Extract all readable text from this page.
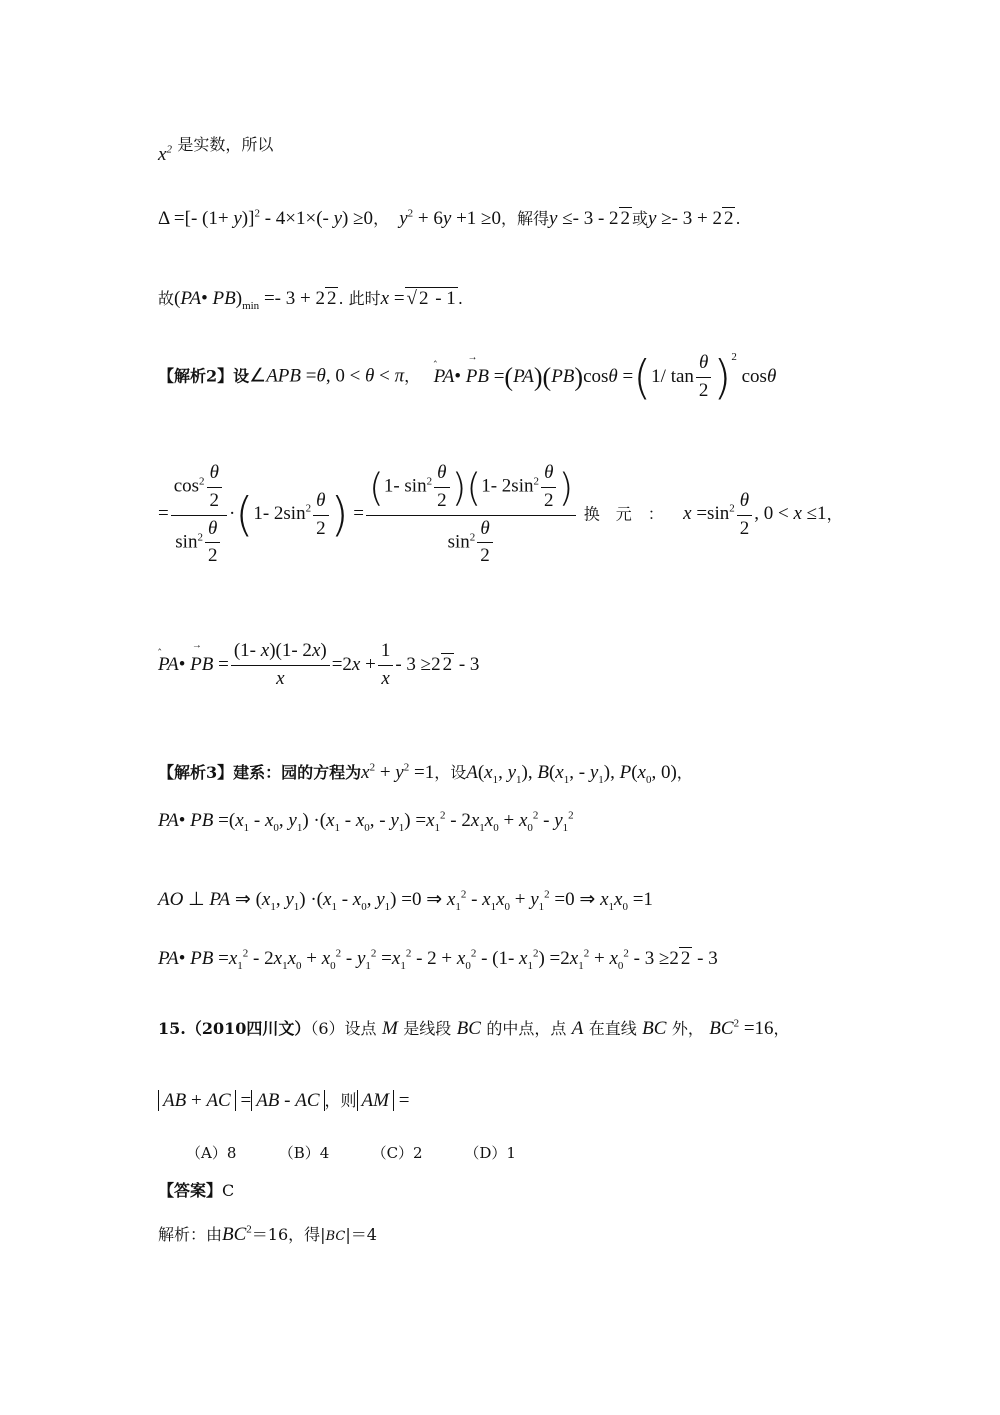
$x^2$ 是实数，所以
Δ =[- (1+ y)]$^2$ - 4×1×(- y) ≥0， $y^2 + 6y +1 \ge 0$，解得y ≤- 3 - 2 2 或y ≥- 3 + 2 2 .
故(PA• $PB)_{min} =- 3 + 2$ 2 . 此时x = √ 2 - 1 .
【解析2】设∠APB =θ, 0 < θ < π，
‸ →
PA• PB =(PA)(PB)cosθ =(1/ $\tan \frac{\theta}{2} )^2$ cosθ
= $\frac{\cos^2 \frac{\theta}{2}}{\sin^2 \frac{\theta}{2}} \cdot(1-$ $2\sin^2 \frac{\theta}{2}$ ) = $\frac{(1- \sin^2 \frac{\theta}{2} )(1- 2\sin^2 \frac{\theta}{2} )}{\sin^2 \frac{\theta}{2}}$ 换　元　： $x =\sin^2 \frac{\theta}{2}$ , 0 < x ≤1，
‸ →
PA• PB = $\frac{(1- x)(1- 2x)}{x} =2x + \frac{1}{x} - 3 \ge 2$ 2 - 3
【解析3】建系：园的方程为$x^2 + y^2 =1$，设$A(x_1$, $y_1$), $B(x_1$, - $y_1$), $P(x_0$, 0)，
PA• PB $=(x_1 - x_0$, $y_1) \cdot(x_1 - x_0$, - $y_1) =x_1^2 - 2x_1x_0 + x_0^2 - y_1^2$
AO ⊥ PA ⇒ ($x_1$, $y_1) \cdot(x_1 - x_0$, $y_1) =0$ ⇒ $x_1^2 - x_1x_0 + y_1^2 =0$ ⇒ $x_1x_0 =1$
PA• PB $=x_1^2 - 2x_1x_0 + x_0^2 - y_1^2 =x_1^2 - 2 + x_0^2 - (1-$ $x_1^2) =2x_1^2 + x_0^2 - 3 \ge 2$ 2 - 3
15.（2010四川文）（6）设点 M 是线段 BC 的中点，点 A 在直线 BC 外， $BC^2 =16$，
AB + AC = AB - AC ，则 AM =
（A）8	（B）4	（C）2	（D）1
【答案】C
解析：由$BC^2=16$，得|BC|＝4
